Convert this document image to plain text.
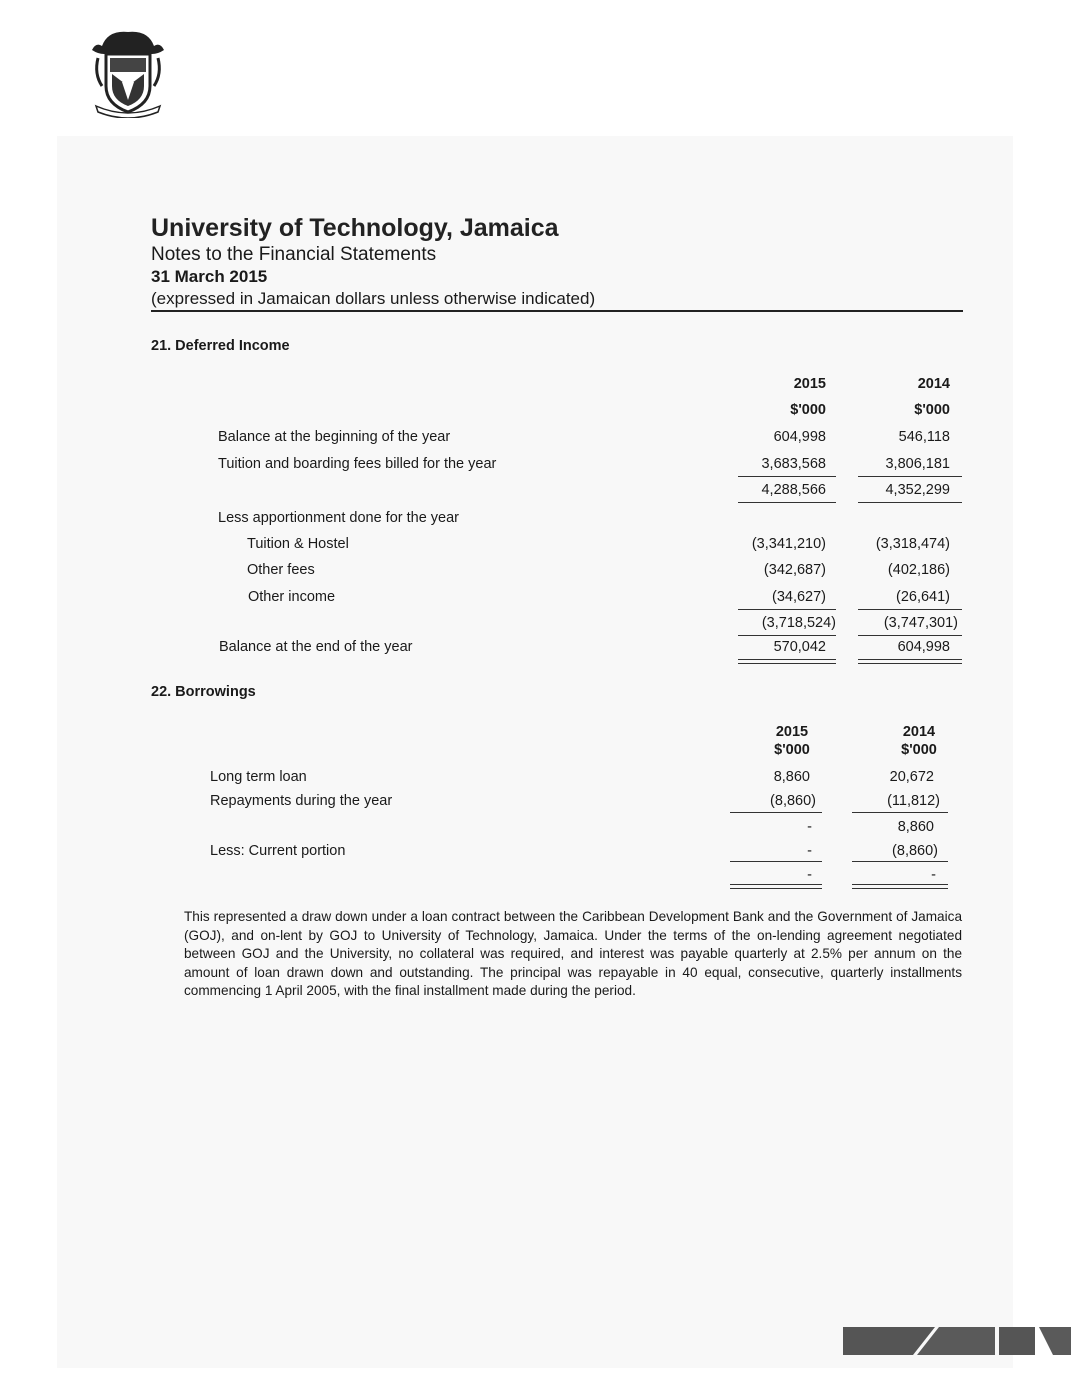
University of Technology, Jamaica
Notes to the Financial Statements
31 March 2015
(expressed in Jamaican dollars unless otherwise indicated)
21. Deferred Income
2015	2014
$'000	$'000
Balance at the beginning of the year	604,998	546,118
Tuition and boarding fees billed for the year	3,683,568	3,806,181
4,288,566	4,352,299
Less apportionment done for the year
Tuition & Hostel	(3,341,210)	(3,318,474)
Other fees	(342,687)	(402,186)
Other income	(34,627)	(26,641)
(3,718,524)	(3,747,301)
Balance at the end of the year	570,042	604,998
22. Borrowings
2015	2014
$'000	$'000
Long term loan	8,860	20,672
Repayments during the year	(8,860)	(11,812)
-	8,860
Less: Current portion	-	(8,860)
-	-
This represented a draw down under a loan contract between the Caribbean Development Bank and the Government of Jamaica (GOJ), and on-lent by GOJ to University of Technology, Jamaica. Under the terms of the on-lending agreement negotiated between GOJ and the University, no collateral was required, and interest was payable quarterly at 2.5% per annum on the amount of loan drawn down and outstanding. The principal was repayable in 40 equal, consecutive, quarterly installments commencing 1 April 2005, with the final installment made during the period.
